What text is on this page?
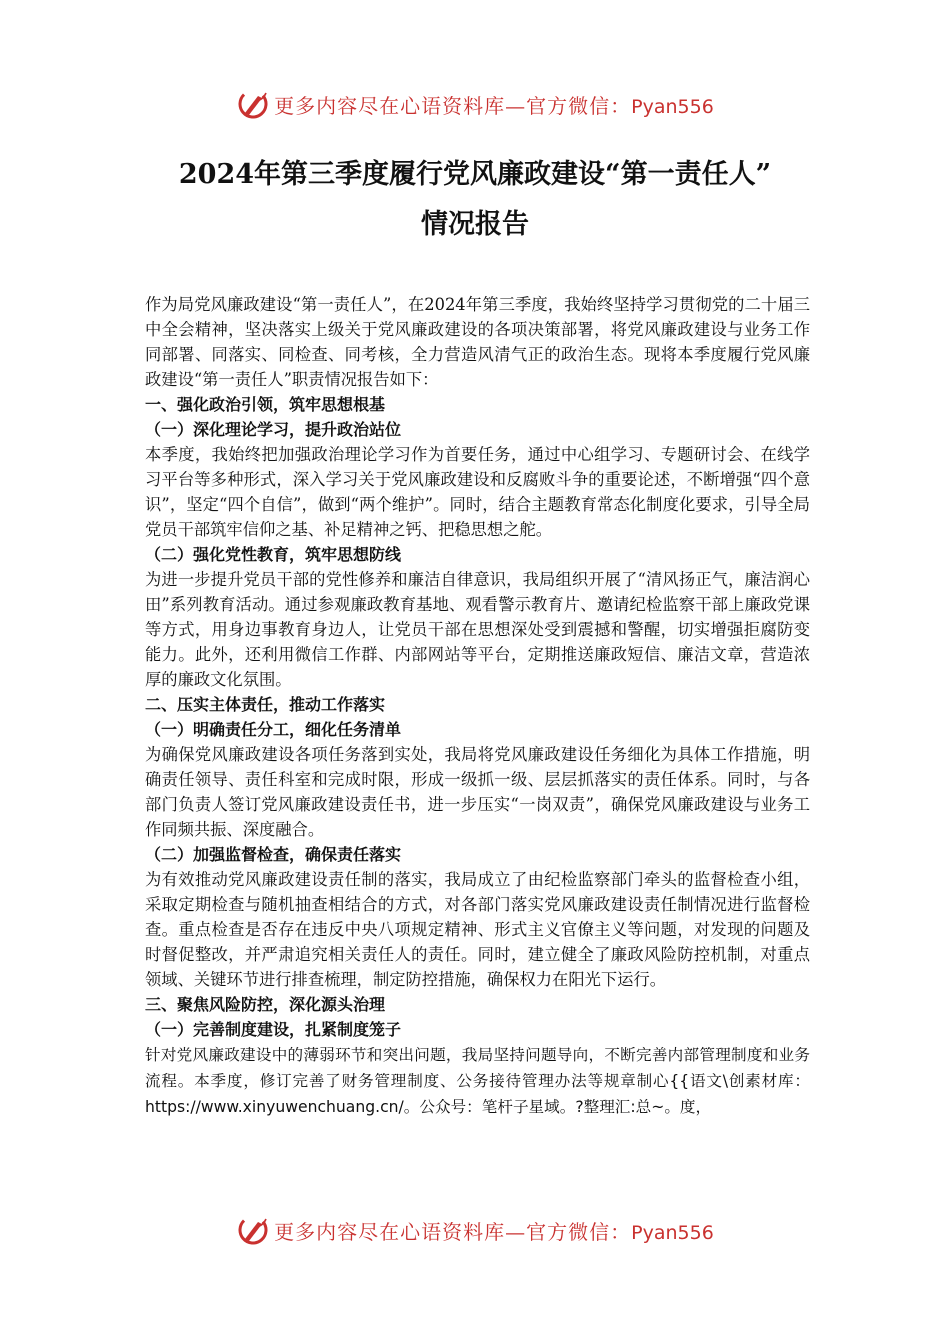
更多内容尽在心语资料库—官方微信：Pyan556
2024年第三季度履行党风廉政建设“第一责任人”
情况报告

作为局党风廉政建设“第一责任人”，在2024年第三季度，我始终坚持学习贯彻党的二十届三中全会精神，坚决落实上级关于党风廉政建设的各项决策部署，将党风廉政建设与业务工作同部署、同落实、同检查、同考核，全力营造风清气正的政治生态。现将本季度履行党风廉政建设“第一责任人”职责情况报告如下：

一、强化政治引领，筑牢思想根基

（一）深化理论学习，提升政治站位

本季度，我始终把加强政治理论学习作为首要任务，通过中心组学习、专题研讨会、在线学习平台等多种形式，深入学习关于党风廉政建设和反腐败斗争的重要论述，不断增强“四个意识”，坚定“四个自信”，做到“两个维护”。同时，结合主题教育常态化制度化要求，引导全局党员干部筑牢信仰之基、补足精神之钙、把稳思想之舵。

（二）强化党性教育，筑牢思想防线

为进一步提升党员干部的党性修养和廉洁自律意识，我局组织开展了“清风扬正气，廉洁润心田”系列教育活动。通过参观廉政教育基地、观看警示教育片、邀请纪检监察干部上廉政党课等方式，用身边事教育身边人，让党员干部在思想深处受到震撼和警醒，切实增强拒腐防变能力。此外，还利用微信工作群、内部网站等平台，定期推送廉政短信、廉洁文章，营造浓厚的廉政文化氛围。

二、压实主体责任，推动工作落实

（一）明确责任分工，细化任务清单

为确保党风廉政建设各项任务落到实处，我局将党风廉政建设任务细化为具体工作措施，明确责任领导、责任科室和完成时限，形成一级抓一级、层层抓落实的责任体系。同时，与各部门负责人签订党风廉政建设责任书，进一步压实“一岗双责”，确保党风廉政建设与业务工作同频共振、深度融合。

（二）加强监督检查，确保责任落实

为有效推动党风廉政建设责任制的落实，我局成立了由纪检监察部门牵头的监督检查小组，采取定期检查与随机抽查相结合的方式，对各部门落实党风廉政建设责任制情况进行监督检查。重点检查是否存在违反中央八项规定精神、形式主义官僚主义等问题，对发现的问题及时督促整改，并严肃追究相关责任人的责任。同时，建立健全了廉政风险防控机制，对重点领域、关键环节进行排查梳理，制定防控措施，确保权力在阳光下运行。

三、聚焦风险防控，深化源头治理

（一）完善制度建设，扎紧制度笼子

针对党风廉政建设中的薄弱环节和突出问题，我局坚持问题导向，不断完善内部管理制度和业务流程。本季度，修订完善了财务管理制度、公务接待管理办法等规章制心{{语文\创素材库：https://www.xinyuwenchuang.cn/。公众号：笔杆子星域。?整理汇:总~。度，

更多内容尽在心语资料库—官方微信：Pyan556
